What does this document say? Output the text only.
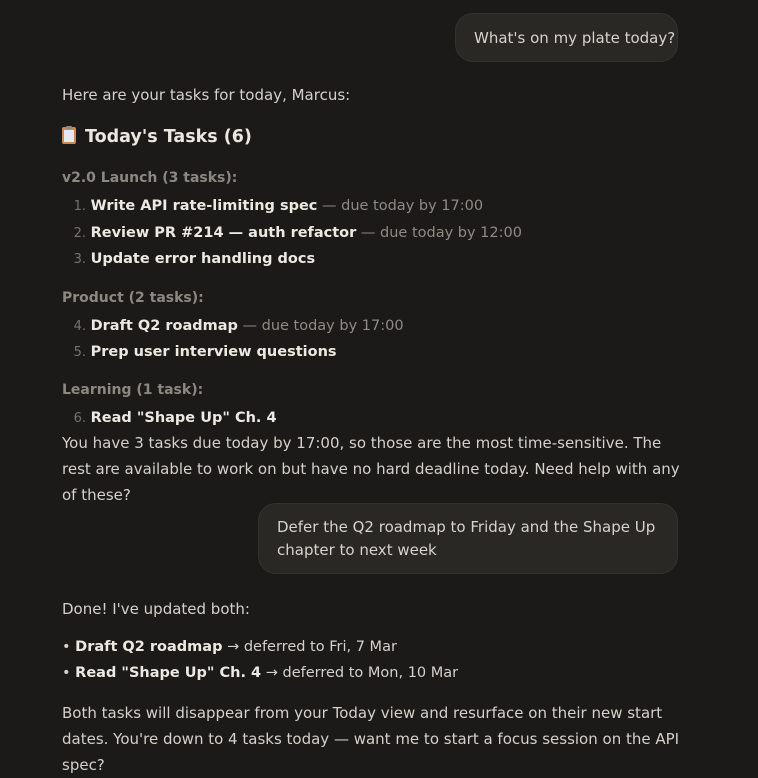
What's on my plate today?
Here are your tasks for today, Marcus:
Today's Tasks (6)
v2.0 Launch (3 tasks):
1. Write API rate-limiting spec — due today by 17:00
2. Review PR #214 — auth refactor — due today by 12:00
3. Update error handling docs
Product (2 tasks):
4. Draft Q2 roadmap — due today by 17:00
5. Prep user interview questions
Learning (1 task):
6. Read "Shape Up" Ch. 4
You have 3 tasks due today by 17:00, so those are the most time-sensitive. The rest are available to work on but have no hard deadline today. Need help with any of these?
Defer the Q2 roadmap to Friday and the Shape Up chapter to next week
Done! I've updated both:
• Draft Q2 roadmap → deferred to Fri, 7 Mar
• Read "Shape Up" Ch. 4 → deferred to Mon, 10 Mar
Both tasks will disappear from your Today view and resurface on their new start dates. You're down to 4 tasks today — want me to start a focus session on the API spec?
